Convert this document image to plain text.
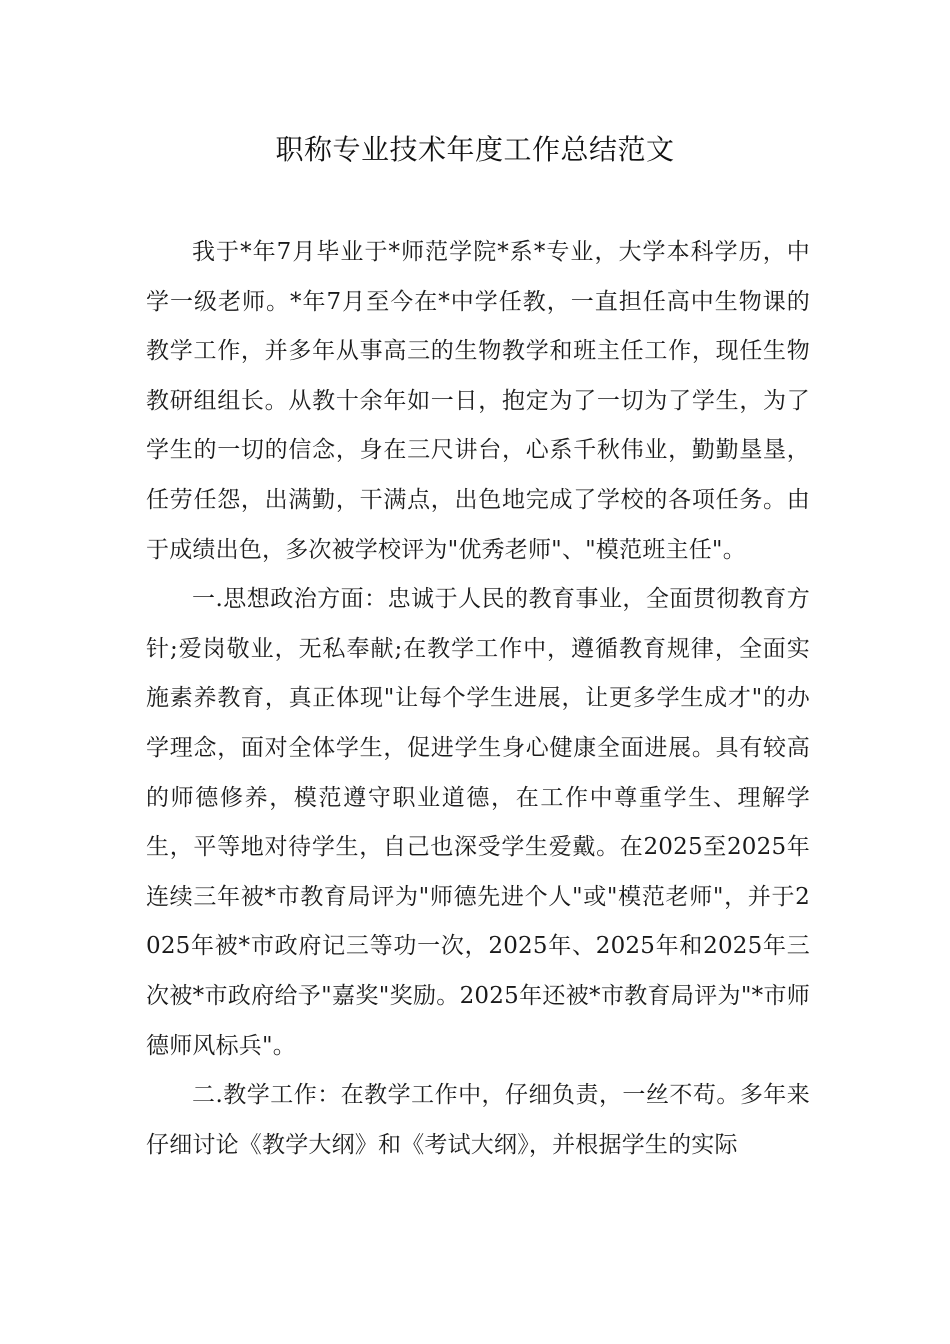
职称专业技术年度工作总结范文

我于*年7月毕业于*师范学院*系*专业，大学本科学历，中学一级老师。*年7月至今在*中学任教，一直担任高中生物课的教学工作，并多年从事高三的生物教学和班主任工作，现任生物教研组组长。从教十余年如一日，抱定为了一切为了学生，为了学生的一切的信念，身在三尺讲台，心系千秋伟业，勤勤垦垦，任劳任怨，出满勤，干满点，出色地完成了学校的各项任务。由于成绩出色，多次被学校评为"优秀老师"、"模范班主任"。

一.思想政治方面：忠诚于人民的教育事业，全面贯彻教育方针;爱岗敬业，无私奉献;在教学工作中，遵循教育规律，全面实施素养教育，真正体现"让每个学生进展，让更多学生成才"的办学理念，面对全体学生，促进学生身心健康全面进展。具有较高的师德修养，模范遵守职业道德，在工作中尊重学生、理解学生，平等地对待学生，自己也深受学生爱戴。在2025至2025年连续三年被*市教育局评为"师德先进个人"或"模范老师"，并于2025年被*市政府记三等功一次，2025年、2025年和2025年三次被*市政府给予"嘉奖"奖励。2025年还被*市教育局评为"*市师德师风标兵"。

二.教学工作：在教学工作中，仔细负责，一丝不苟。多年来仔细讨论《教学大纲》和《考试大纲》，并根据学生的实际
